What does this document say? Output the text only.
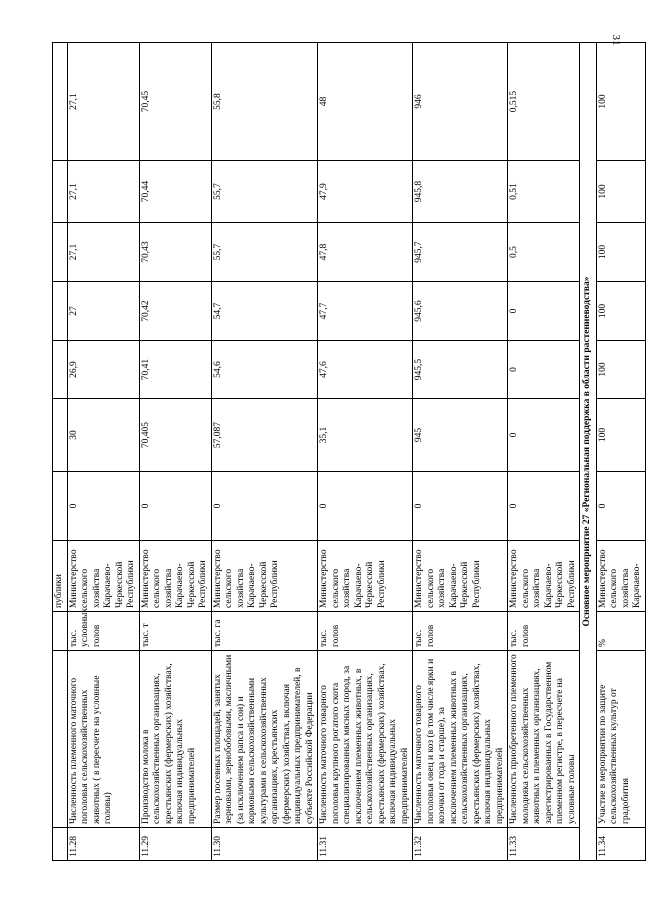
31
			публики							
11.28	Численность племенного маточного поголовья сельскохозяйственных животных ( в пересчете на условные головы)	тыс. условных голов	Министерство сельского хозяйства Карачаево-Черкесской Республики	0	30	26,9	27	27,1	27,1	27,1
11.29	Производство молока в сельскохозяйственных организациях, крестьянских (фермерских) хозяйствах, включая индивидуальных предпринимателей	тыс. т	Министерство сельского хозяйства Карачаево-Черкесской Республики	0	70,405	70,41	70,42	70,43	70,44	70,45
11.30	Размер посевных площадей, занятых зерновыми, зернобобовыми, масличными (за исключением рапса и сои) и кормовыми сельскохозяйственными культурами в сельскохозяйственных организациях, крестьянских (фермерских) хозяйствах, включая индивидуальных предпринимателей, в субъекте Российской Федерации	тыс. га	Министерство сельского хозяйства Карачаево-Черкесской Республики	0	57,087	54,6	54,7	55,7	55,7	55,8
11.31	Численность маточного товарного поголовья крупного рогатого скота специализированных мясных пород, за исключением племенных животных, в сельскохозяйственных организациях, крестьянских (фермерских) хозяйствах, включая индивидуальных предпринимателей	тыс. голов	Министерство сельского хозяйства Карачаево-Черкесской Республики	0	35,1	47,6	47,7	47,8	47,9	48
11.32	Численность маточного товарного поголовья овец и коз (в том числе ярки и козочки от года и старше), за исключением племенных животных в сельскохозяйственных организациях, крестьянских (фермерских) хозяйствах, включая индивидуальных предпринимателей	тыс. голов	Министерство сельского хозяйства Карачаево-Черкесской Республики	0	945	945,5	945,6	945,7	945,8	946
11.33	Численность приобретенного племенного молодняка сельскохозяйственных животных в племенных организациях, зарегистрированных в Государственном племенном регистре, в пересчете на условные головы	тыс. голов	Министерство сельского хозяйства Карачаево-Черкесской Республики	0	0	0	0	0,5	0,51	0,515
Основное мероприятие 27 «Региональная поддержка в области растениеводства»										
11.34	Участие в мероприятии по защите сельскохозяйственных культур от градобития	%	Министерство сельского хозяйства Карачаево-	0	100	100	100	100	100	100
